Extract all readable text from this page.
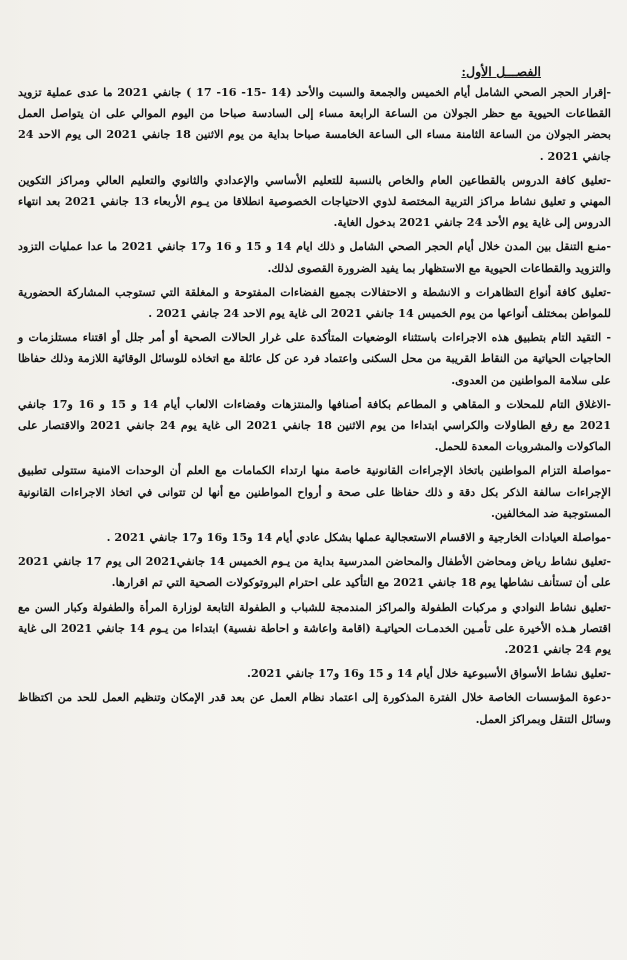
الفصـــل الأول:

-إقرار الحجر الصحي الشامل أيام الخميس والجمعة والسبت والأحد (14 -15- 16- 17 ) جانفي 2021 ما عدى عملية تزويد القطاعات الحيوية مع حظر الجولان من الساعة الرابعة مساء إلى السادسة صباحا من اليوم الموالي على ان يتواصل العمل بحضر الجولان من الساعة الثامنة مساء الى الساعة الخامسة صباحا بداية من يوم الاثنين 18 جانفي 2021 الى يوم الاحد 24 جانفي 2021 .

-تعليق كافة الدروس بالقطاعين العام والخاص بالنسبة للتعليم الأساسي والإعدادي والثانوي والتعليم العالي ومراكز التكوين المهني و تعليق نشاط مراكز التربية المختصة لذوي الاحتياجات الخصوصية انطلاقا من يـوم الأربعاء 13 جانفي 2021 بعد انتهاء الدروس إلى غاية يوم الأحد 24 جانفي 2021 بدخول الغاية.

-منـع التنقل بين المدن خلال أيام الحجر الصحي الشامل و ذلك ايام 14 و 15 و 16 و17 جانفي 2021 ما عدا عمليات التزود والتزويد والقطاعات الحيوية مع الاستظهار بما يفيد الضرورة القصوى لذلك.

-تعليق كافة أنواع التظاهرات و الانشطة و الاحتفالات بجميع الفضاءات المفتوحة و المغلقة التي تستوجب المشاركة الحضورية للمواطن بمختلف أنواعها من يوم الخميس 14 جانفي 2021 الى غاية يوم الاحد 24 جانفي 2021 .

- التقيد التام بتطبيق هذه الاجراءات باستثناء الوضعيات المتأكدة على غرار الحالات الصحية أو أمر جلل أو اقتناء مستلزمات و الحاجيات الحياتية من النقاط القريبة من محل السكنى واعتماد فرد عن كل عائلة مع اتخاذه للوسائل الوقائية اللازمة وذلك حفاظا على سلامة المواطنين من العدوى.

-الاغلاق التام للمحلات و المقاهي و المطاعم بكافة أصنافها والمنتزهات وفضاءات الالعاب أيام 14 و 15 و 16 و17 جانفي 2021 مع رفع الطاولات والكراسي ابتداءا من يوم الاثنين 18 جانفي 2021 الى غاية يوم 24 جانفي 2021 والاقتصار على الماكولات والمشروبات المعدة للحمل.

-مواصلة التزام المواطنين باتخاذ الإجراءات القانونية خاصة منها ارتداء الكمامات مع العلم أن الوحدات الامنية ستتولى تطبيق الإجراءات سالفة الذكر بكل دقة و ذلك حفاظا على صحة و أرواح المواطنين مع أنها لن تتوانى في اتخاذ الاجراءات القانونية المستوجبة ضد المخالفين.

-مواصلة العيادات الخارجية و الاقسام الاستعجالية عملها بشكل عادي أيام 14 و15 و16 و17 جانفي 2021 .

-تعليق نشاط رياض ومحاضن الأطفال والمحاضن المدرسية بداية من يـوم الخميس 14 جانفي2021 الى يوم 17 جانفي 2021 على أن تستأنف نشاطها يوم 18 جانفي 2021 مع التأكيد على احترام البروتوكولات الصحية التي تم اقرارها.

-تعليق نشاط النوادي و مركبات الطفولة والمراكز المندمجة للشباب و الطفولة التابعة لوزارة المرأة والطفولة وكبار السن مع اقتصار هـذه الأخيرة على تأمـين الخدمـات الحياتيـة (اقامة واعاشة و احاطة نفسية) ابتداءا من يـوم 14 جانفي 2021 الى غاية يوم 24 جانفي 2021.

-تعليق نشاط الأسواق الأسبوعية خلال أيام 14 و 15 و16 و17 جانفي 2021.

-دعوة المؤسسات الخاصة خلال الفترة المذكورة إلى اعتماد نظام العمل عن بعد قدر الإمكان وتنظيم العمل للحد من اكتظاظ وسائل التنقل وبمراكز العمل.
